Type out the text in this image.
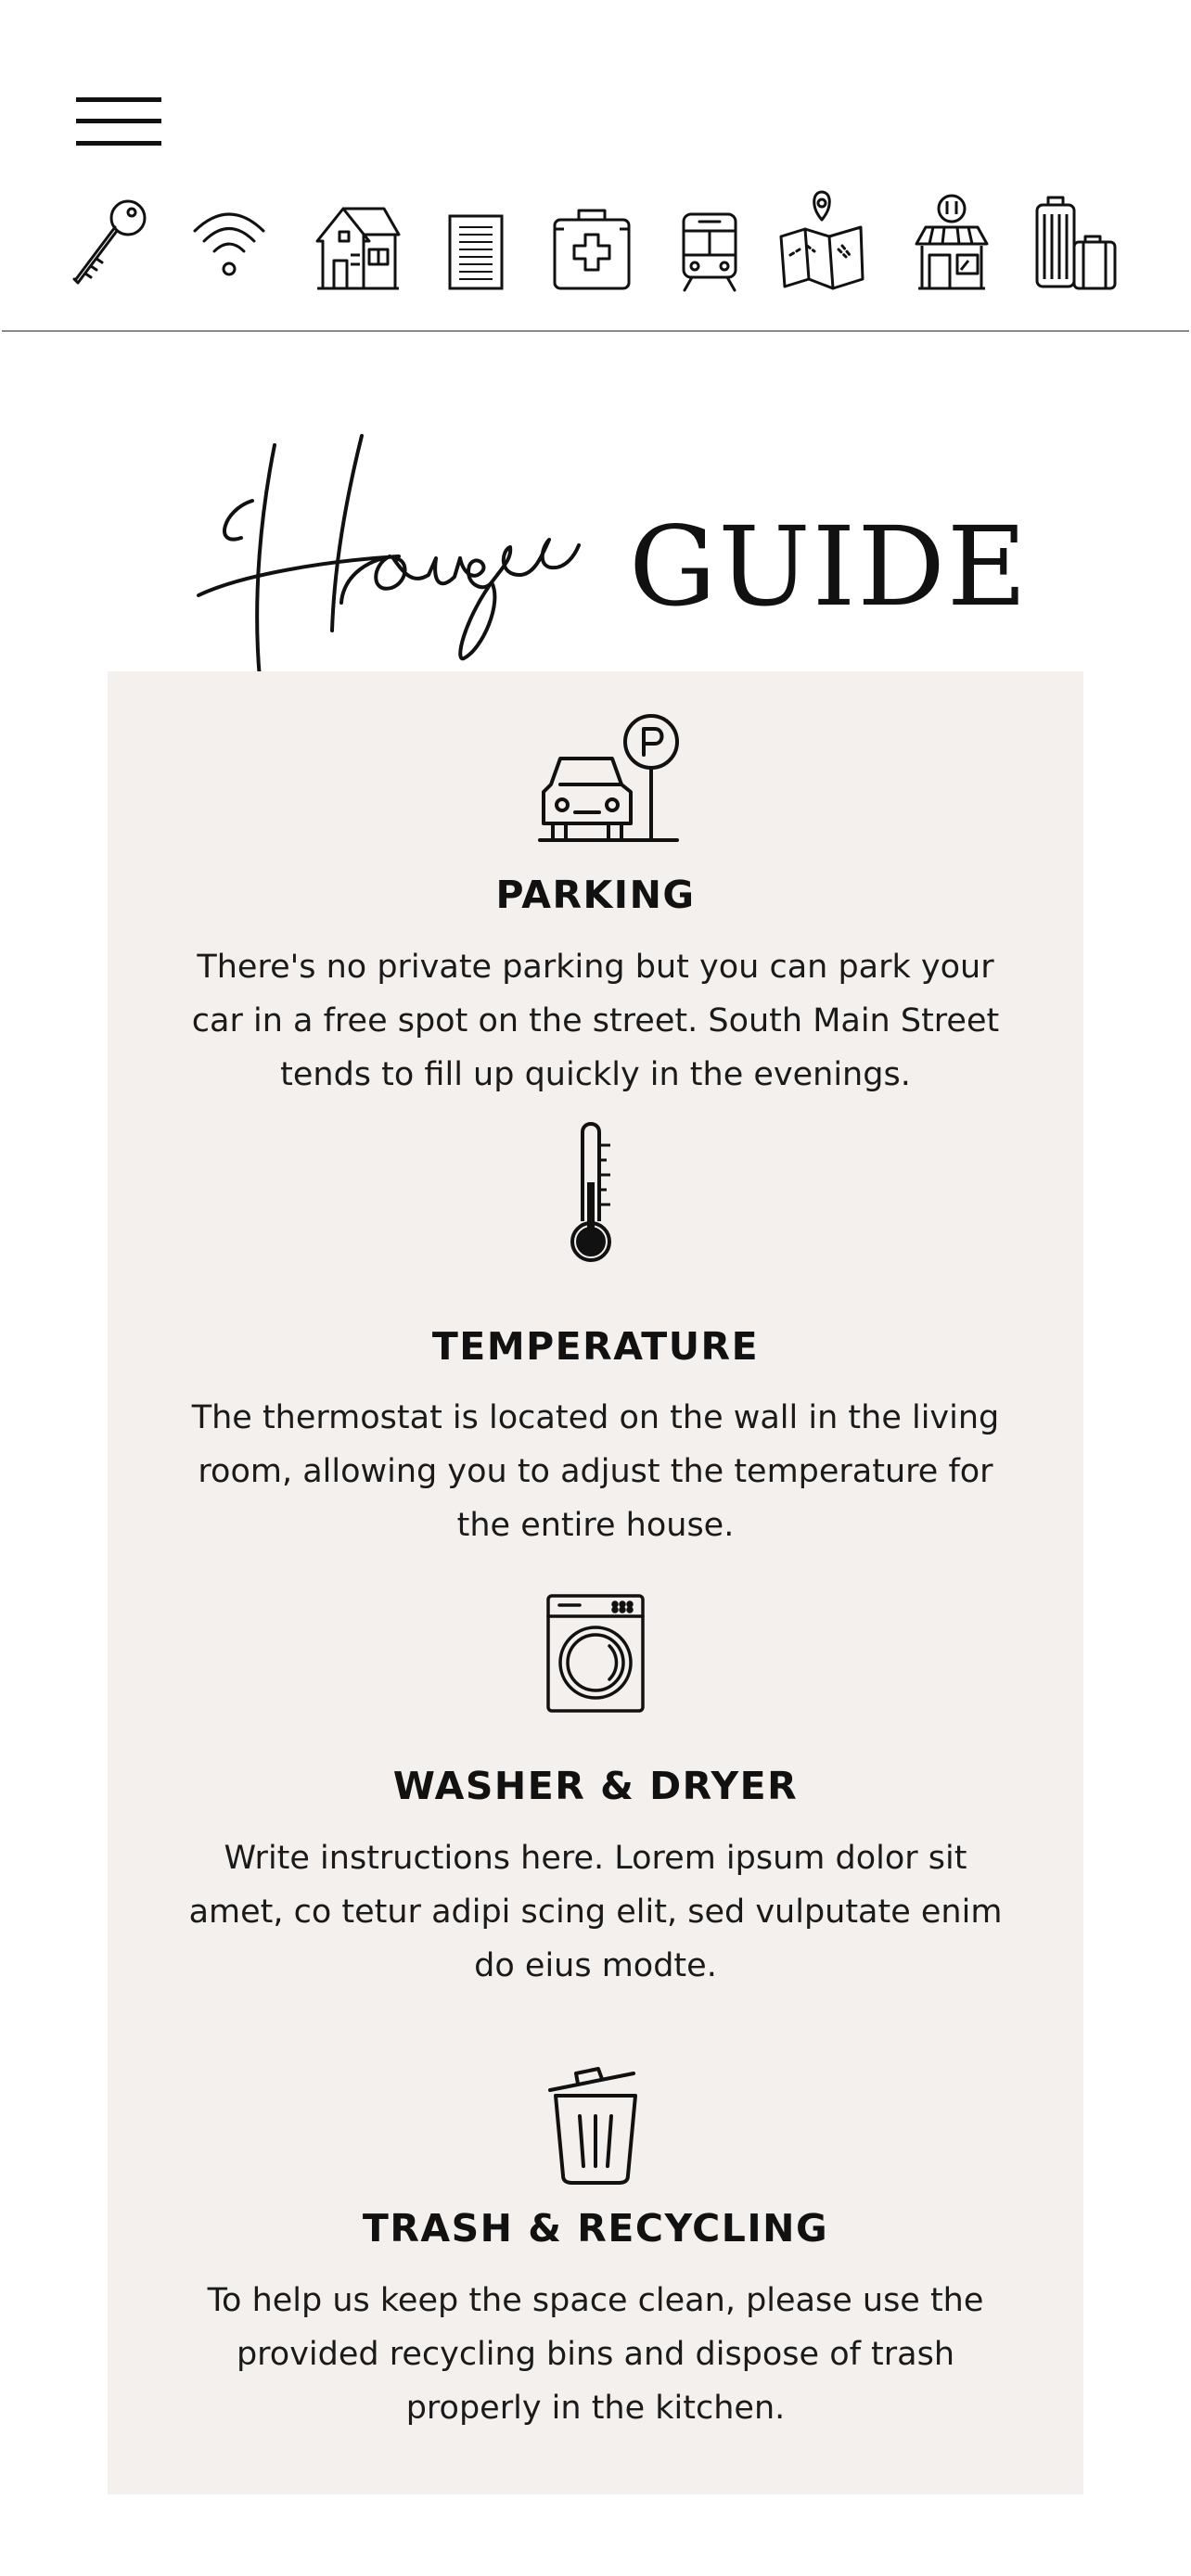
GUIDE
PARKING
There's no private parking but you can park your car in a free spot on the street. South Main Street tends to fill up quickly in the evenings.
TEMPERATURE
The thermostat is located on the wall in the living room, allowing you to adjust the temperature for the entire house.
WASHER & DRYER
Write instructions here. Lorem ipsum dolor sit amet, co tetur adipi scing elit, sed vulputate enim do eius modte.
TRASH & RECYCLING
To help us keep the space clean, please use the provided recycling bins and dispose of trash properly in the kitchen.
